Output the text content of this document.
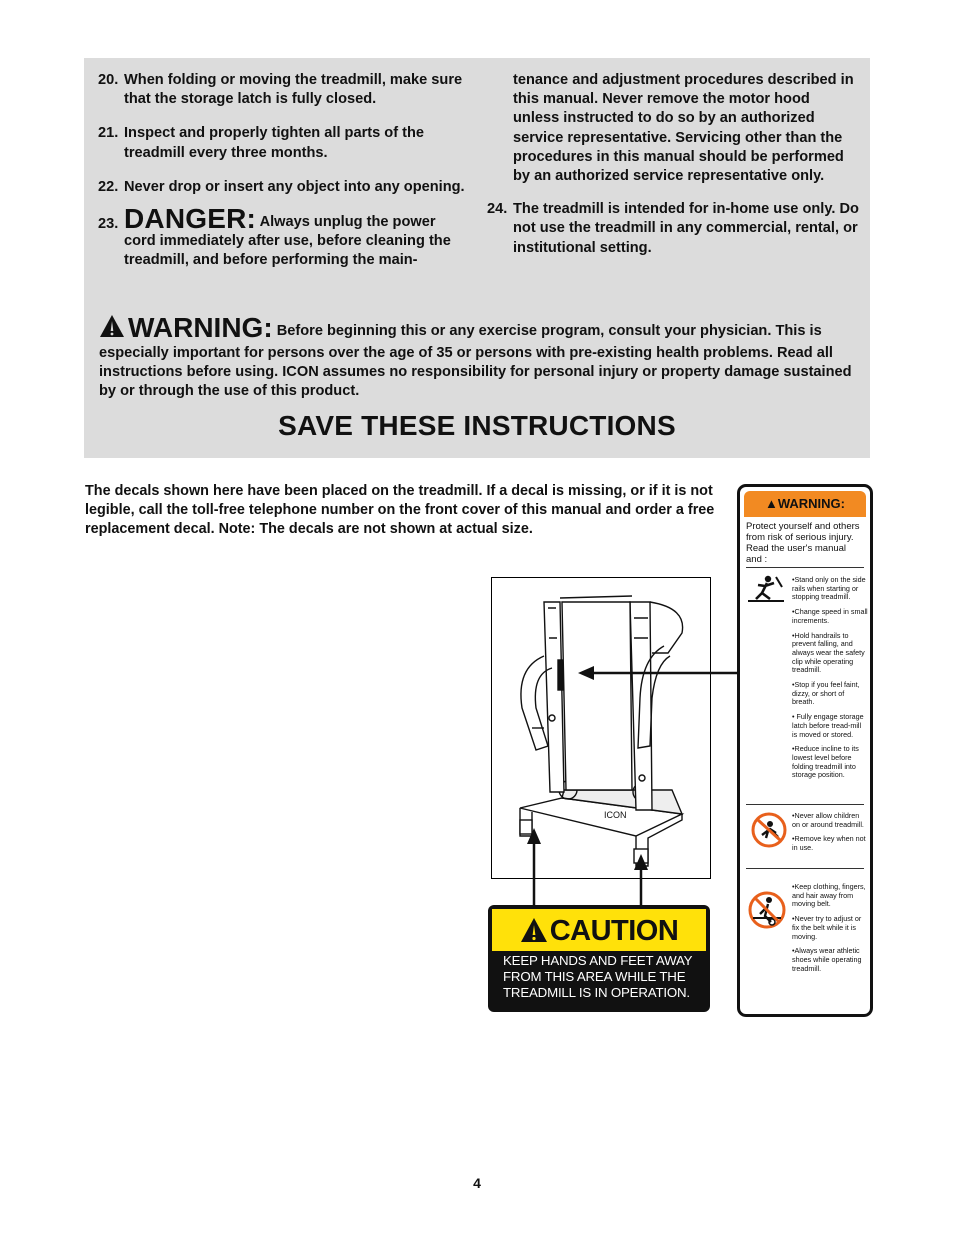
20. When folding or moving the treadmill, make sure that the storage latch is fully closed.
21. Inspect and properly tighten all parts of the treadmill every three months.
22. Never drop or insert any object into any opening.
23. DANGER: Always unplug the power cord immediately after use, before cleaning the treadmill, and before performing the main-
tenance and adjustment procedures described in this manual. Never remove the motor hood unless instructed to do so by an authorized service representative. Servicing other than the procedures in this manual should be performed by an authorized service representative only.
24. The treadmill is intended for in-home use only. Do not use the treadmill in any commercial, rental, or institutional setting.
WARNING: Before beginning this or any exercise program, consult your physician. This is especially important for persons over the age of 35 or persons with pre-existing health problems. Read all instructions before using. ICON assumes no responsibility for personal injury or property damage sustained by or through the use of this product.
SAVE THESE INSTRUCTIONS
The decals shown here have been placed on the treadmill. If a decal is missing, or if it is not legible, call the toll-free telephone number on the front cover of this manual and order a free replacement decal. Note: The decals are not shown at actual size.
ICON
▲WARNING:
Protect yourself and others from risk of serious injury. Read the user's manual and :

•Stand only on the side rails when starting or stopping treadmill.

•Change speed in small increments.

•Hold handrails to prevent falling, and always wear the safety clip while operating treadmill.

•Stop if you feel faint, dizzy, or short of breath.

• Fully engage storage latch before tread-mill is moved or stored.

•Reduce incline to its lowest level before folding treadmill into storage position.

•Never allow children on or around treadmill.

•Remove key when not in use.

•Keep clothing, fingers, and hair away from moving belt.

•Never try to adjust or fix the belt while it is moving.

•Always wear athletic shoes while operating treadmill.

CAUTION
KEEP HANDS AND FEET AWAY FROM THIS AREA WHILE THE TREADMILL IS IN OPERATION.
4
